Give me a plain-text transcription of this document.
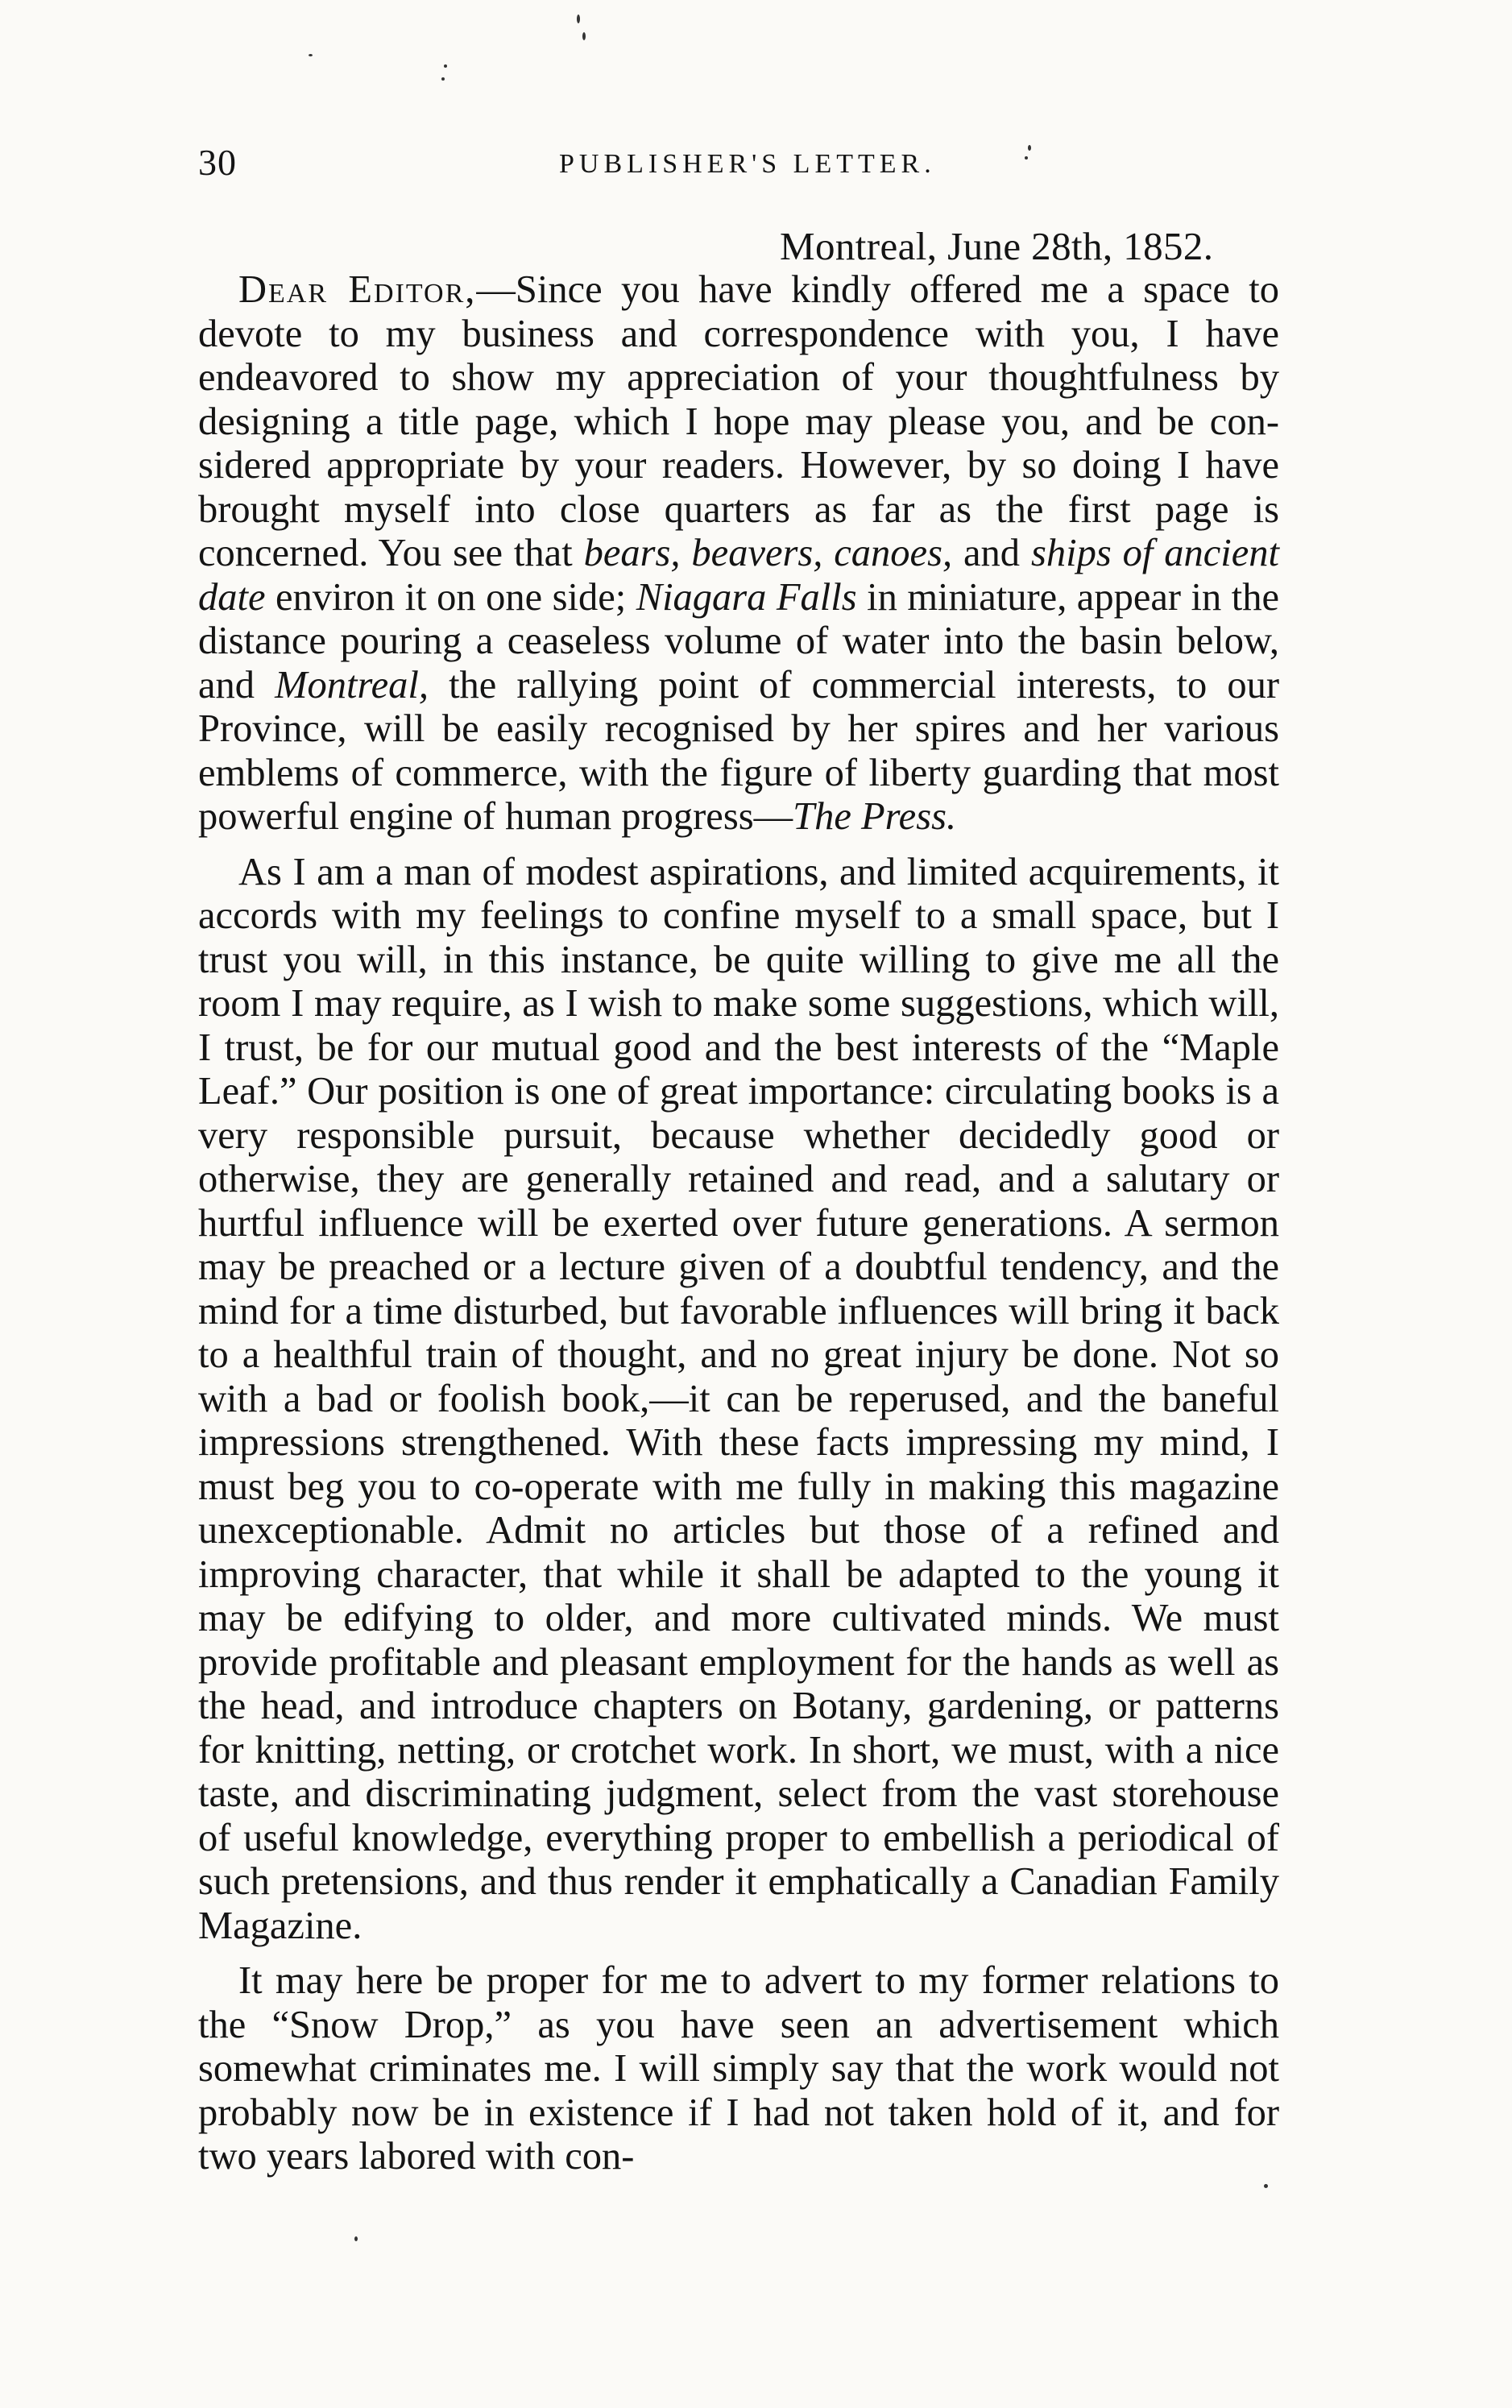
30	PUBLISHER'S LETTER.
Montreal, June 28th, 1852.

Dear Editor,—Since you have kindly offered me a space to devote to my business and correspondence with you, I have endeavored to show my appreciation of your thoughtfulness by designing a title page, which I hope may please you, and be considered appropriate by your readers. However, by so doing I have brought myself into close quarters as far as the first page is concerned. You see that bears, beavers, canoes, and ships of ancient date environ it on one side; Niagara Falls in miniature, appear in the distance pouring a ceaseless volume of water into the basin below, and Montreal, the rallying point of commercial interests, to our Province, will be easily recognised by her spires and her various emblems of commerce, with the figure of liberty guarding that most powerful engine of human progress—The Press.

As I am a man of modest aspirations, and limited acquirements, it accords with my feelings to confine myself to a small space, but I trust you will, in this instance, be quite willing to give me all the room I may require, as I wish to make some suggestions, which will, I trust, be for our mutual good and the best interests of the “Maple Leaf.” Our position is one of great importance: circulating books is a very responsible pursuit, because whether decidedly good or otherwise, they are generally retained and read, and a salutary or hurtful influence will be exerted over future generations. A sermon may be preached or a lecture given of a doubtful tendency, and the mind for a time disturbed, but favorable influences will bring it back to a healthful train of thought, and no great injury be done. Not so with a bad or foolish book,—it can be reperused, and the baneful impressions strengthened. With these facts impressing my mind, I must beg you to co-operate with me fully in making this magazine unexceptionable. Admit no articles but those of a refined and improving character, that while it shall be adapted to the young it may be edifying to older, and more cultivated minds. We must provide profitable and pleasant employment for the hands as well as the head, and introduce chapters on Botany, gardening, or patterns for knitting, netting, or crotchet work. In short, we must, with a nice taste, and discriminating judgment, select from the vast storehouse of useful knowledge, everything proper to embellish a periodical of such pretensions, and thus render it emphatically a Canadian Family Magazine.

It may here be proper for me to advert to my former relations to the “Snow Drop,” as you have seen an advertisement which somewhat criminates me. I will simply say that the work would not probably now be in existence if I had not taken hold of it, and for two years labored with con-
